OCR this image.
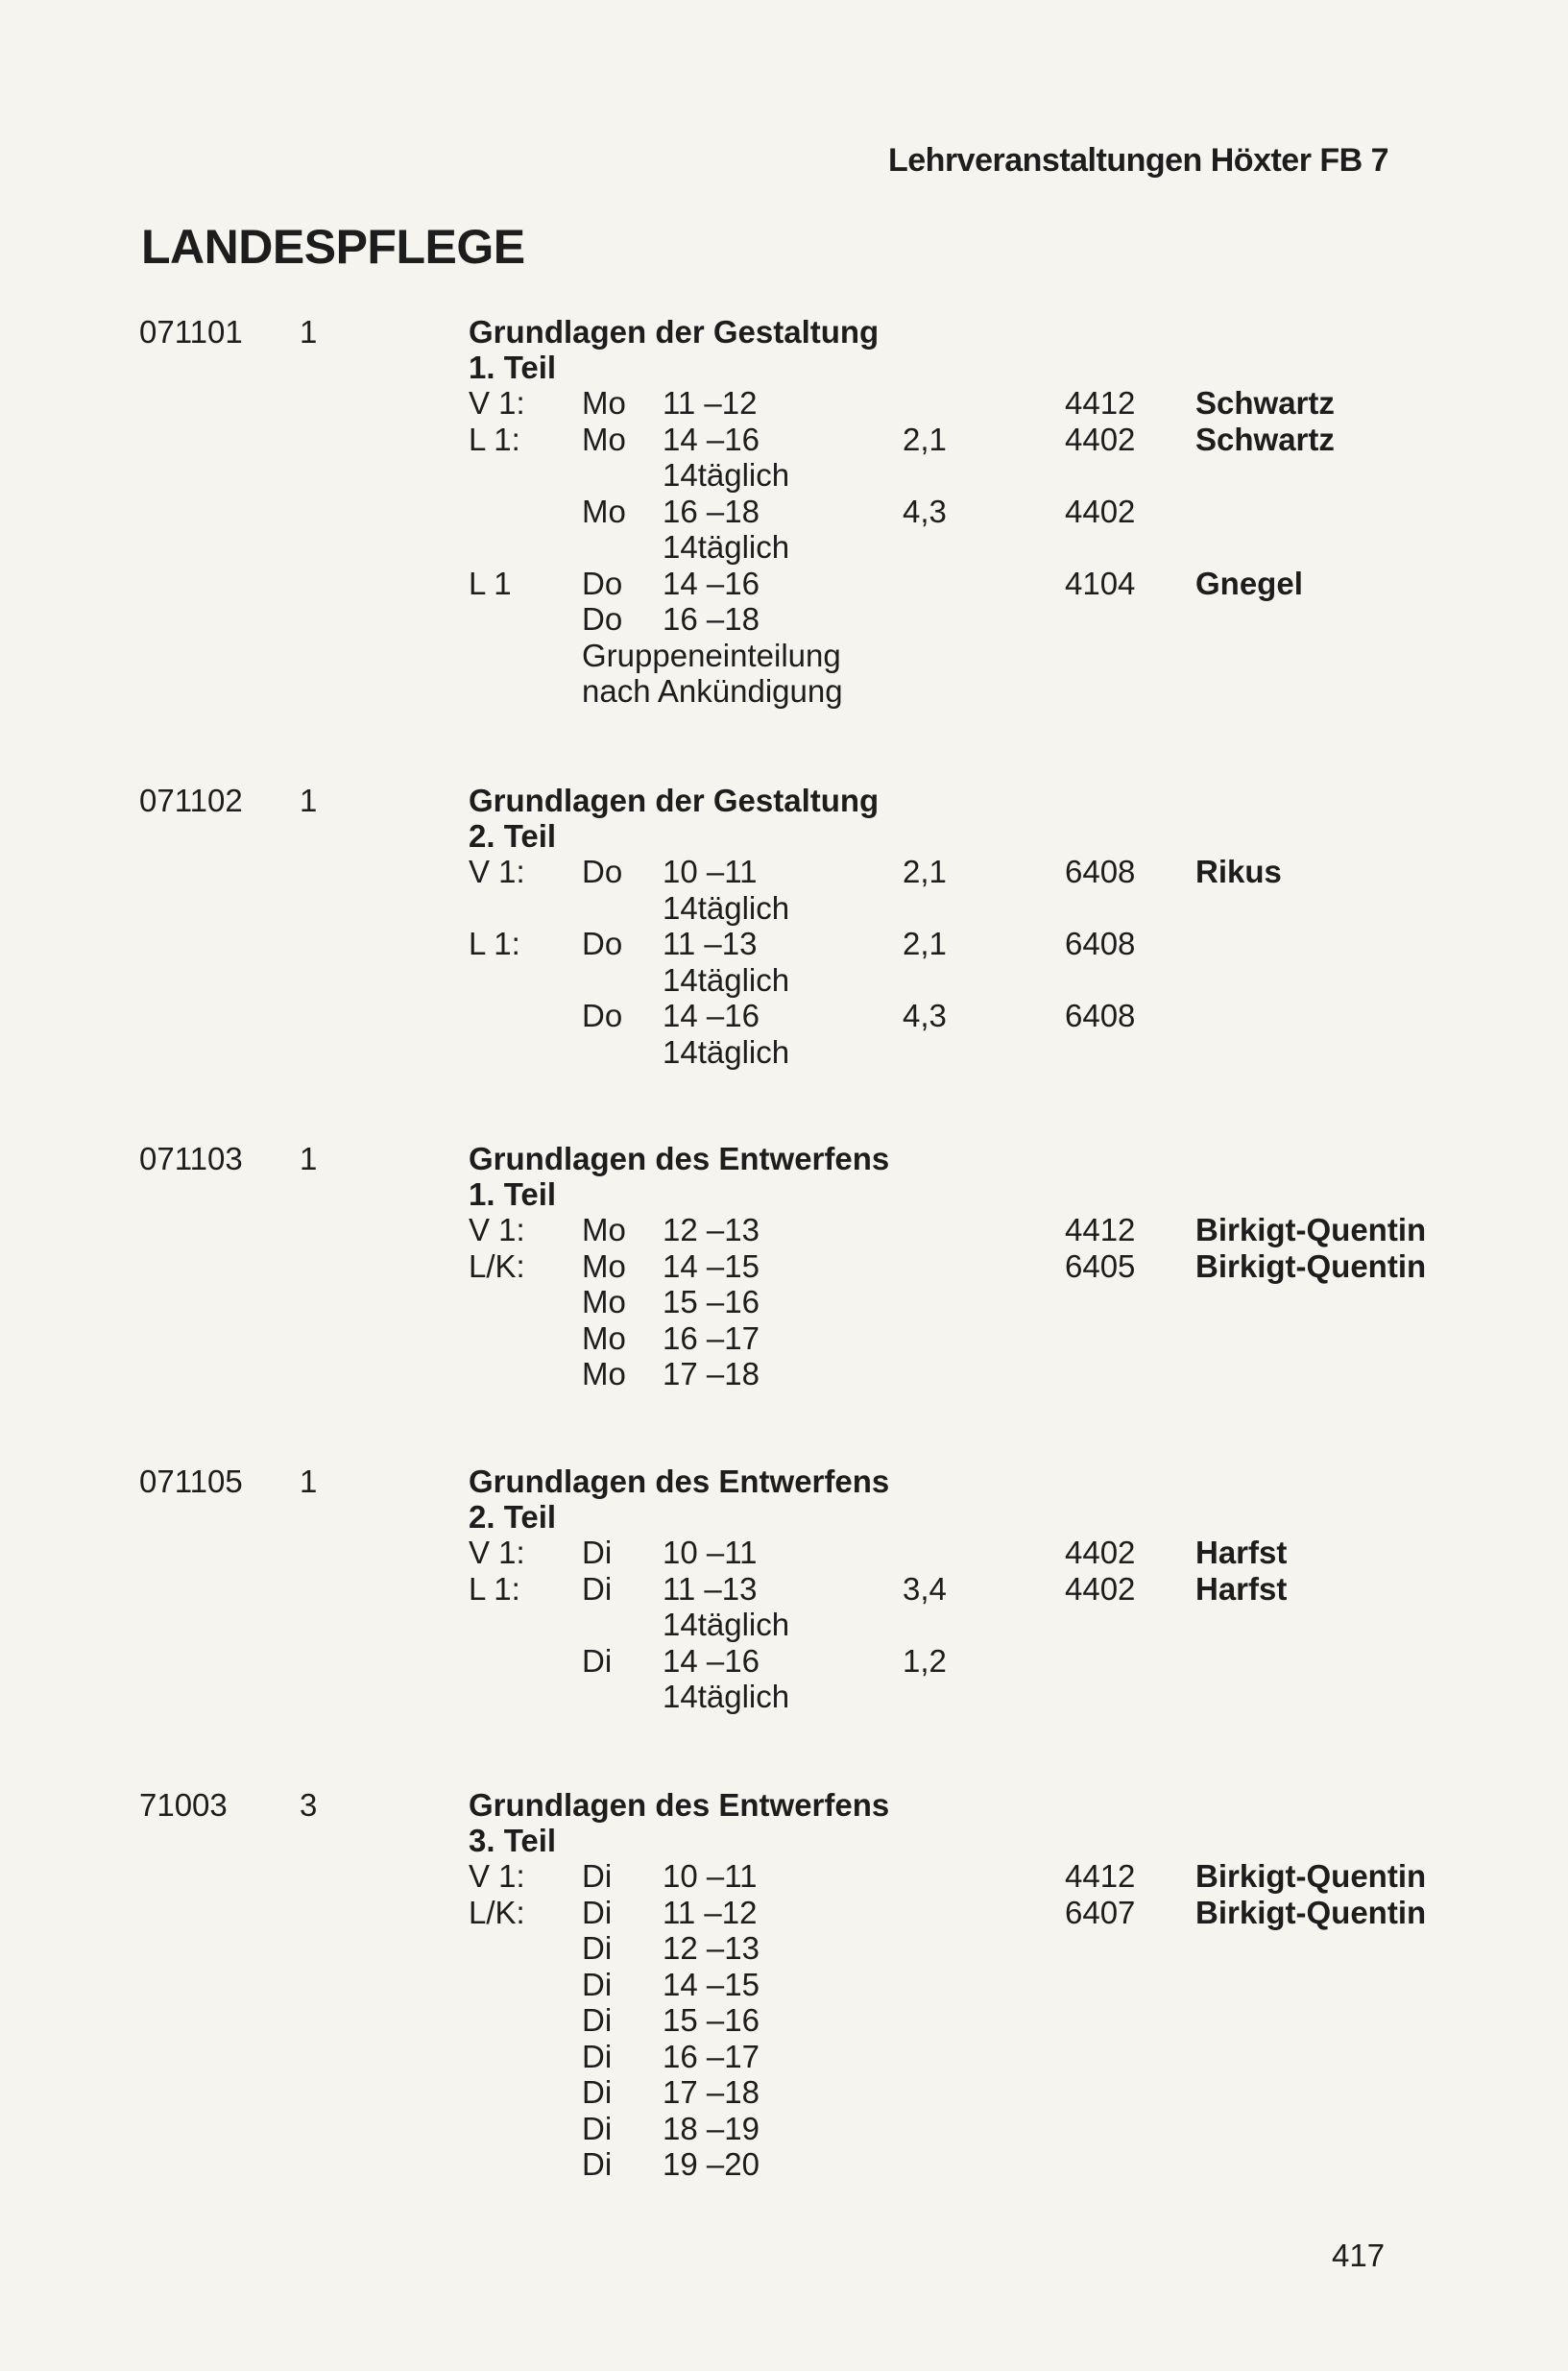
Lehrveranstaltungen Höxter FB 7
LANDESPFLEGE
071101 1	Grundlagen der Gestaltung
1. Teil
V 1: Mo 11 –12	4412 Schwartz
L 1: Mo 14 –16	2,1	4402 Schwartz
14täglich
Mo 16 –18	4,3	4402
14täglich
L 1 Do 14 –16	4104 Gnegel
Do 16 –18
Gruppeneinteilung
nach Ankündigung
071102 1	Grundlagen der Gestaltung
2. Teil
V 1: Do 10 –11	2,1	6408 Rikus
14täglich
L 1: Do 11 –13	2,1	6408
14täglich
Do 14 –16	4,3	6408
14täglich
071103 1	Grundlagen des Entwerfens
1. Teil
V 1: Mo 12 –13	4412 Birkigt-Quentin
L/K: Mo 14 –15	6405 Birkigt-Quentin
Mo 15 –16
Mo 16 –17
Mo 17 –18
071105 1	Grundlagen des Entwerfens
2. Teil
V 1: Di 10 –11	4402 Harfst
L 1: Di 11 –13	3,4	4402 Harfst
14täglich
Di 14 –16	1,2
14täglich
71003 3	Grundlagen des Entwerfens
3. Teil
V 1: Di 10 –11	4412 Birkigt-Quentin
L/K: Di 11 –12	6407 Birkigt-Quentin
Di 12 –13
Di 14 –15
Di 15 –16
Di 16 –17
Di 17 –18
Di 18 –19
Di 19 –20
417
